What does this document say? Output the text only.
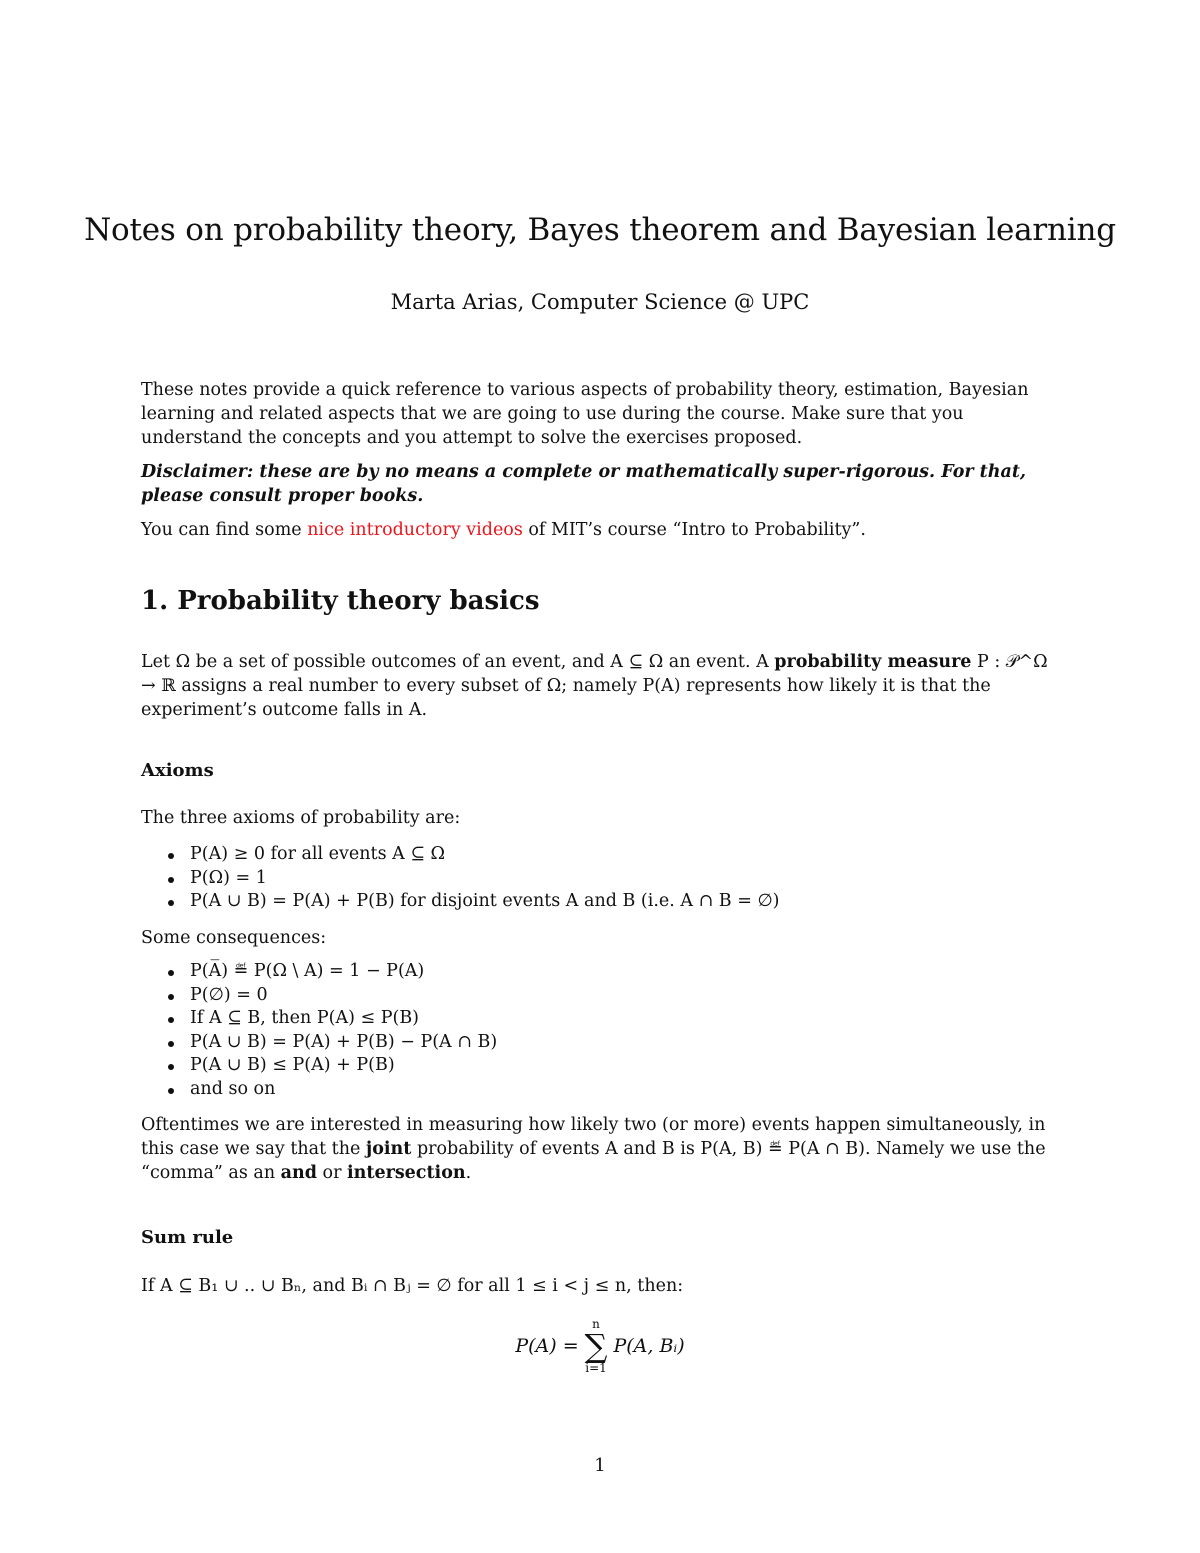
Notes on probability theory, Bayes theorem and Bayesian learning
Marta Arias, Computer Science @ UPC
These notes provide a quick reference to various aspects of probability theory, estimation, Bayesian learning and related aspects that we are going to use during the course. Make sure that you understand the concepts and you attempt to solve the exercises proposed.
Disclaimer: these are by no means a complete or mathematically super-rigorous. For that, please consult proper books.
You can find some nice introductory videos of MIT’s course “Intro to Probability”.
1. Probability theory basics
Let Ω be a set of possible outcomes of an event, and A ⊆ Ω an event. A probability measure P : 𝒫^Ω → ℝ assigns a real number to every subset of Ω; namely P(A) represents how likely it is that the experiment’s outcome falls in A.
Axioms
The three axioms of probability are:
P(A) ≥ 0 for all events A ⊆ Ω
P(Ω) = 1
P(A ∪ B) = P(A) + P(B) for disjoint events A and B (i.e. A ∩ B = ∅)
Some consequences:
P(A̅) ≝ P(Ω \ A) = 1 − P(A)
P(∅) = 0
If A ⊆ B, then P(A) ≤ P(B)
P(A ∪ B) = P(A) + P(B) − P(A ∩ B)
P(A ∪ B) ≤ P(A) + P(B)
and so on
Oftentimes we are interested in measuring how likely two (or more) events happen simultaneously, in this case we say that the joint probability of events A and B is P(A, B) ≝ P(A ∩ B). Namely we use the “comma” as an and or intersection.
Sum rule
If A ⊆ B₁ ∪ .. ∪ Bₙ, and Bᵢ ∩ Bⱼ = ∅ for all 1 ≤ i < j ≤ n, then:
P(A) =
n
∑
i=1
P(A, Bᵢ)
1
